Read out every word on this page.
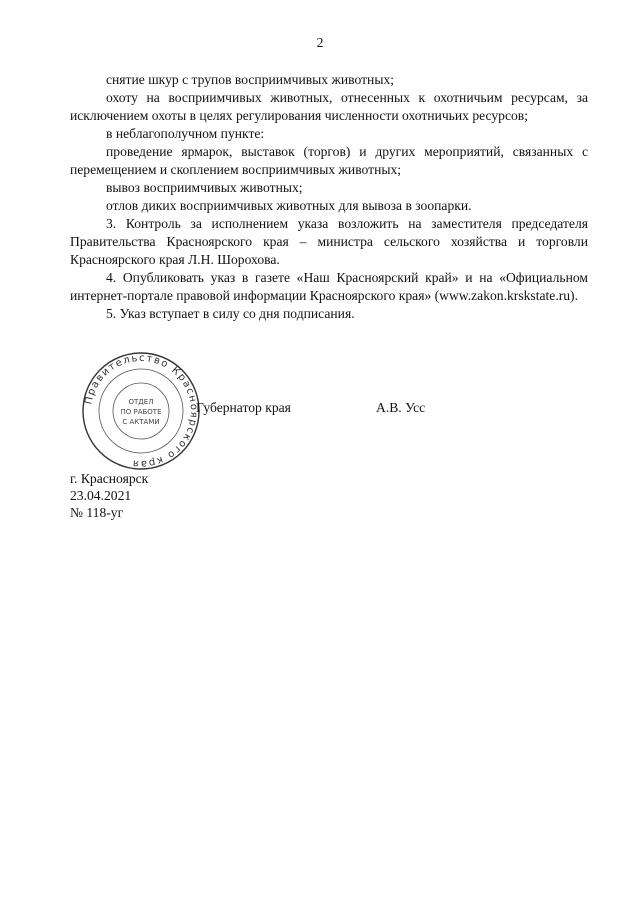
2

снятие шкур с трупов восприимчивых животных;

охоту на восприимчивых животных, отнесенных к охотничьим ресурсам, за исключением охоты в целях регулирования численности охотничьих ресурсов;

в неблагополучном пункте:

проведение ярмарок, выставок (торгов) и других мероприятий, связанных с перемещением и скоплением восприимчивых животных;

вывоз восприимчивых животных;

отлов диких восприимчивых животных для вывоза в зоопарки.

3. Контроль за исполнением указа возложить на заместителя председателя Правительства Красноярского края – министра сельского хозяйства и торговли Красноярского края Л.Н. Шорохова.

4. Опубликовать указ в газете «Наш Красноярский край» и на «Официальном интернет-портале правовой информации Красноярского края» (www.zakon.krskstate.ru).

5. Указ вступает в силу со дня подписания.

Правительство Красноярского края
ОТДЕЛ
ПО РАБОТЕ
С АКТАМИ
Губернатор края	А.В. Усс
г. Красноярск
23.04.2021
№ 118-уг
